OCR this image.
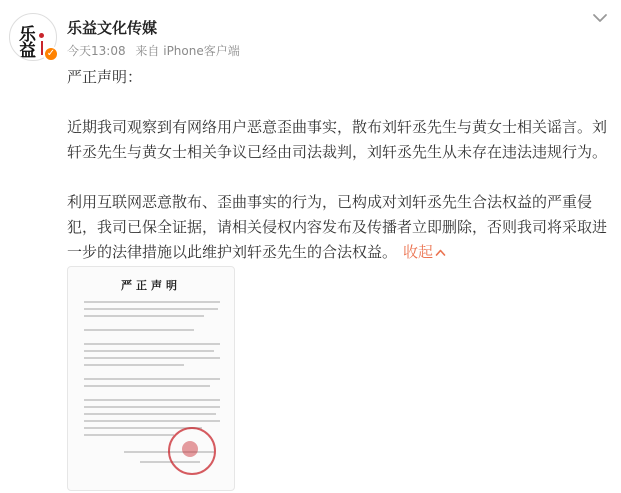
乐
益	✓
乐益文化传媒
今天13:08 来自 iPhone客户端

严正声明：

近期我司观察到有网络用户恶意歪曲事实，散布刘轩丞先生与黄女士相关谣言。刘轩丞先生与黄女士相关争议已经由司法裁判，刘轩丞先生从未存在违法违规行为。

利用互联网恶意散布、歪曲事实的行为，已构成对刘轩丞先生合法权益的严重侵犯，我司已保全证据，请相关侵权内容发布及传播者立即删除，否则我司将采取进一步的法律措施以此维护刘轩丞先生的合法权益。 收起

严正声明
